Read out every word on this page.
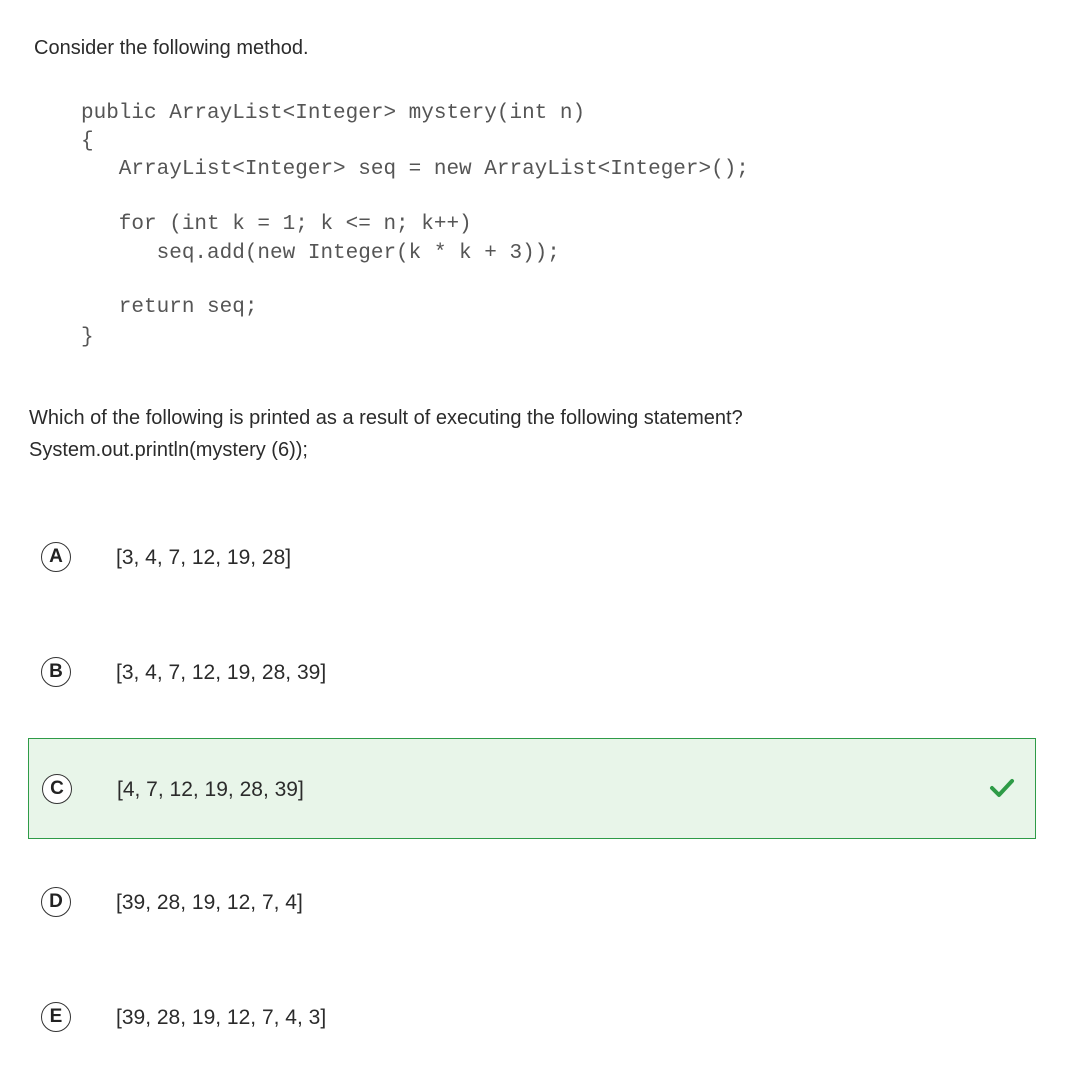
Consider the following method.

public ArrayList<Integer> mystery(int n)
{
ArrayList<Integer> seq = new ArrayList<Integer>();
for (int k = 1; k <= n; k++)
seq.add(new Integer(k * k + 3));
return seq;
}
Which of the following is printed as a result of executing the following statement?
System.out.println(mystery (6));
A	[3, 4, 7, 12, 19, 28]
B	[3, 4, 7, 12, 19, 28, 39]
C	[4, 7, 12, 19, 28, 39]
D	[39, 28, 19, 12, 7, 4]
E	[39, 28, 19, 12, 7, 4, 3]
